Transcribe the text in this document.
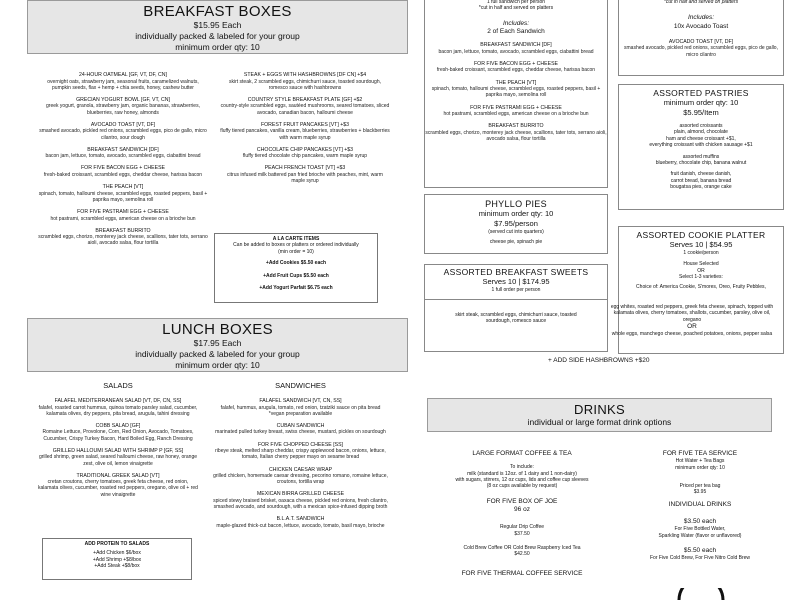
BREAKFAST BOXES
$15.95 Each
individually packed & labeled for your group
minimum order qty: 10
24-HOUR OATMEAL [GF, VT, DF, CN]
overnight oats, strawberry jam, seasonal fruits, caramelized walnuts, pumpkin seeds, flax + hemp + chia seeds, honey, cashew butter
GRECIAN YOGURT BOWL [GF, VT, CN]
greek yogurt, granola, strawberry jam, organic bananas, strawberries, blueberries, raw honey, almonds
AVOCADO TOAST [VT, DF]
smashed avocado, pickled red onions, scrambled eggs, pico de gallo, micro cilantro, sour dough
BREAKFAST SANDWICH [DF]
bacon jam, lettuce, tomato, avocado, scrambled eggs, ciabattini bread
FOR FIVE BACON EGG + CHEESE
fresh-baked croissant, scrambled eggs, cheddar cheese, harissa bacon
THE PEACH [VT]
spinach, tomato, halloumi cheese, scrambled eggs, roasted peppers, basil + paprika mayo, semolina roll
FOR FIVE PASTRAMI EGG + CHEESE
hot pastrami, scrambled eggs, american cheese on a brioche bun
BREAKFAST BURRITO
scrambled eggs, chorizo, monterey jack cheese, scallions, tater tots, serrano aioli, avocado salsa, flour tortilla
STEAK + EGGS WITH HASHBROWNS [DF CN] +$4
skirt steak, 2 scrambled eggs, chimichurri sauce, toasted sourdough, romesco sauce with hashbrowns
COUNTRY STYLE BREAKFAST PLATE [GF] +$2
country-style scrambled eggs, sautéed mushrooms, seared tomatoes, sliced avocado, canadian bacon, halloumi cheese
FOREST FRUIT PANCAKES [VT] +$3
fluffy tiered pancakes, vanilla cream, blueberries, strawberries + blackberries with warm maple syrup
CHOCOLATE CHIP PANCAKES [VT] +$3
fluffy tiered chocolate chip pancakes, warm maple syrup
PEACH FRENCH TOAST [VT] +$3
citrus infused milk battered pan fried brioche with peaches, mint, warm maple syrup
A LA CARTE ITEMS
Can be added to boxes or platters or ordered individually
(min order = 10)
+Add Cookies $5.50 each
+Add Fruit Cups $5.50 each
+Add Yogurt Parfait $6.75 each
LUNCH BOXES
$17.95 Each
individually packed & labeled for your group
minimum order qty: 10
SALADS
FALAFEL MEDITERRANEAN SALAD [VT, DF, CN, SS]
falafel, roasted carrot hummus, quinoa tomato parsley salad, cucumber, kalamata olives, dry peppers, pita bread, arugula, tahini dressing
COBB SALAD [GF]
Romaine Lettuce, Provolone, Corn, Red Onion, Avocado, Tomatoes, Cucumber, Crispy Turkey Bacon, Hard Boiled Egg, Ranch Dressing
GRILLED HALLOUMI SALAD WITH SHRIMP P [GF, SS]
grilled shrimp, green salad, seared halloumi cheese, raw honey, orange zest, olive oil, lemon vinaigrette
TRADITIONAL GREEK SALAD [VT]
cretan croutons, cherry tomatoes, greek feta cheese, red onion, kalamata olives, cucumber, roasted red peppers, oregano, olive oil + red wine vinaigrette
ADD PROTEIN TO SALADS
+Add Chicken $6/box
+Add Shrimp +$8/box
+Add Steak +$8/box
SANDWICHES
FALAFEL SANDWICH [VT, CN, SS]
falafel, hummus, arugula, tomato, red onion, tzatziki sauce on pita bread *vegan preparation available
CUBAN SANDWICH
marinated pulled turkey breast, swiss cheese, mustard, pickles on sourdough
FOR FIVE CHOPPED CHEESE [SS]
ribeye steak, melted sharp cheddar, crispy applewood bacon, onions, lettuce, tomato, Italian cherry pepper mayo on sesame bread
CHICKEN CAESAR WRAP
grilled chicken, homemade caesar dressing, pecorino romano, romaine lettuce, croutons, tortilla wrap
MEXICAN BIRRA GRILLED CHEESE
spiced stewy braised brisket, oaxaca cheese, pickled red onions, fresh cilantro, smashed avocado, and sourdough, with a mexican spice-infused dipping broth
B.L.A.T. SANDWICH
maple-glazed thick-cut bacon, lettuce, avocado, tomato, basil mayo, brioche
1 full sandwich per person
*cut in half and served on platters
Includes:
2 of Each Sandwich
BREAKFAST SANDWICH [DF]
bacon jam, lettuce, tomato, avocado, scrambled eggs, ciabattini bread
FOR FIVE BACON EGG + CHEESE
fresh-baked croissant, scrambled eggs, cheddar cheese, harissa bacon
THE PEACH [VT]
spinach, tomato, halloumi cheese, scrambled eggs, roasted peppers, basil + paprika mayo, semolina roll
FOR FIVE PASTRAMI EGG + CHEESE
hot pastrami, scrambled eggs, american cheese on a brioche bun
BREAKFAST BURRITO
scrambled eggs, chorizo, monterey jack cheese, scallions, tater tots, serrano aioli, avocado salsa, flour tortilla
*cut in half and served on platters
Includes:
10x Avocado Toast
AVOCADO TOAST [VT, DF]
smashed avocado, pickled red onions, scrambled eggs, pico de gallo, micro cilantro
ASSORTED PASTRIES
minimum order qty: 10
$5.95/Item
assorted croissants
plain, almond, chocolate
ham and cheese croissant +$1,
everything croissant with chicken sausage +$1
assorted muffins
blueberry, chocolate chip, banana walnut
fruit danish, cheese danish,
carrot bread, banana bread
bougatsa pies, orange cake
PHYLLO PIES
minimum order qty: 10
$7.95/person
(served cut into quarters)
cheese pie, spinach pie
ASSORTED COOKIE PLATTER
Serves 10 | $54.95
1 cookie/person
House Selected
OR
Select 1-3 varieties:
Choice of: America Cookie, S'mores, Oreo, Fruity Pebbles,
egg whites, roasted red peppers, greek feta cheese, spinach, topped with kalamata olives, cherry tomatoes, shallots, cucumber, parsley, olive oil, oregano
OR
whole eggs, manchego cheese, poached potatoes, onions, pepper salsa
ASSORTED BREAKFAST SWEETS
Serves 10 | $174.95
1 full order per person
skirt steak, scrambled eggs, chimichurri sauce, toasted sourdough, romesco sauce
+ ADD SIDE HASHBROWNS +$20
DRINKS
individual or large format drink options
LARGE FORMAT COFFEE & TEA
To include:
milk (standard is 12oz. of 1 dairy and 1 non-dairy)
with sugars, stirrers, 12 oz cups, lids and coffee cup sleeves
(8 oz cups available by request)
FOR FIVE BOX OF JOE
96 oz
Regular Drip Coffee
$37.50
Cold Brew Coffee OR Cold Brew Raspberry Iced Tea
$42.50
FOR FIVE THERMAL COFFEE SERVICE
FOR FIVE TEA SERVICE
Hot Water + Tea Bags
minimum order qty: 10
Priced per tea bag
$3.95
INDIVIDUAL DRINKS
$3.50 each
For Five Bottled Water,
Sparkling Water (flavor or unflavored)
$5.50 each
For Five Cold Brew, For Five Nitro Cold Brew
